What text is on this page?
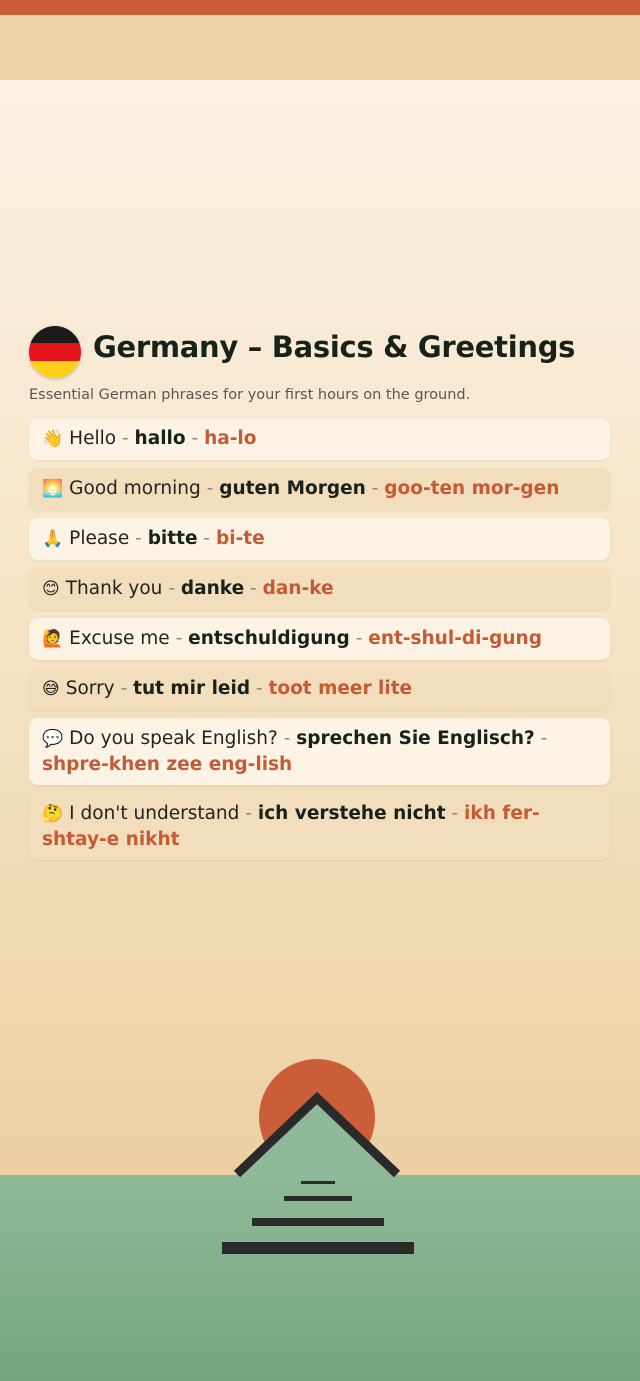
Germany – Basics & Greetings
Essential German phrases for your first hours on the ground.
👋 Hello - hallo - ha-lo
🌅 Good morning - guten Morgen - goo-ten mor-gen
🙏 Please - bitte - bi-te
😊 Thank you - danke - dan-ke
🙋 Excuse me - entschuldigung - ent-shul-di-gung
😅 Sorry - tut mir leid - toot meer lite
💬 Do you speak English? - sprechen Sie Englisch? - shpre-khen zee eng-lish
🤔 I don't understand - ich verstehe nicht - ikh fer-shtay-e nikht
